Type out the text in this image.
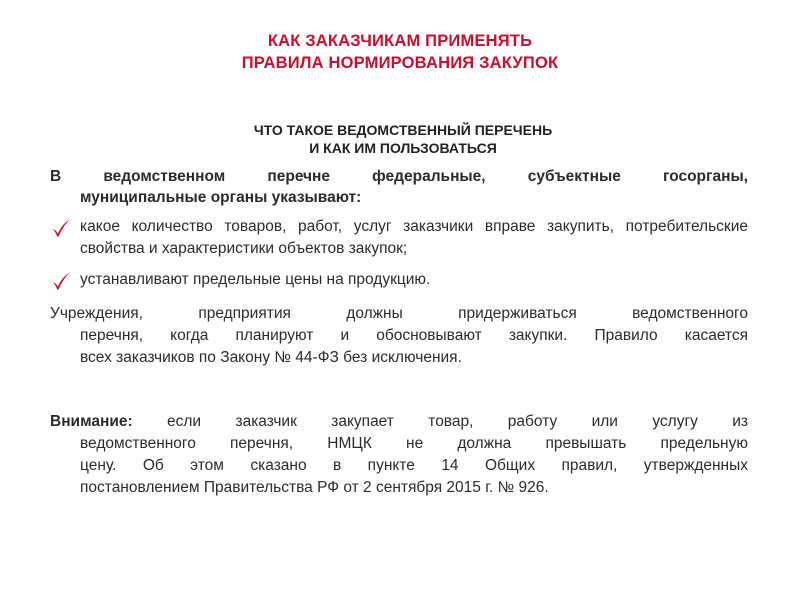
КАК ЗАКАЗЧИКАМ ПРИМЕНЯТЬ
ПРАВИЛА НОРМИРОВАНИЯ ЗАКУПОК
ЧТО ТАКОЕ ВЕДОМСТВЕННЫЙ ПЕРЕЧЕНЬ
И КАК ИМ ПОЛЬЗОВАТЬСЯ
В ведомственном перечне федеральные, субъектные госорганы,
муниципальные органы указывают:
какое количество товаров, работ, услуг заказчики вправе закупить, потребительские свойства и характеристики объектов закупок;
устанавливают предельные цены на продукцию.
Учреждения, предприятия должны придерживаться ведомственного
перечня, когда планируют и обосновывают закупки. Правило касается
всех заказчиков по Закону № 44-ФЗ без исключения.
Внимание: если заказчик закупает товар, работу или услугу из
ведомственного перечня, НМЦК не должна превышать предельную
цену. Об этом сказано в пункте 14 Общих правил, утвержденных
постановлением Правительства РФ от 2 сентября 2015 г. № 926.
